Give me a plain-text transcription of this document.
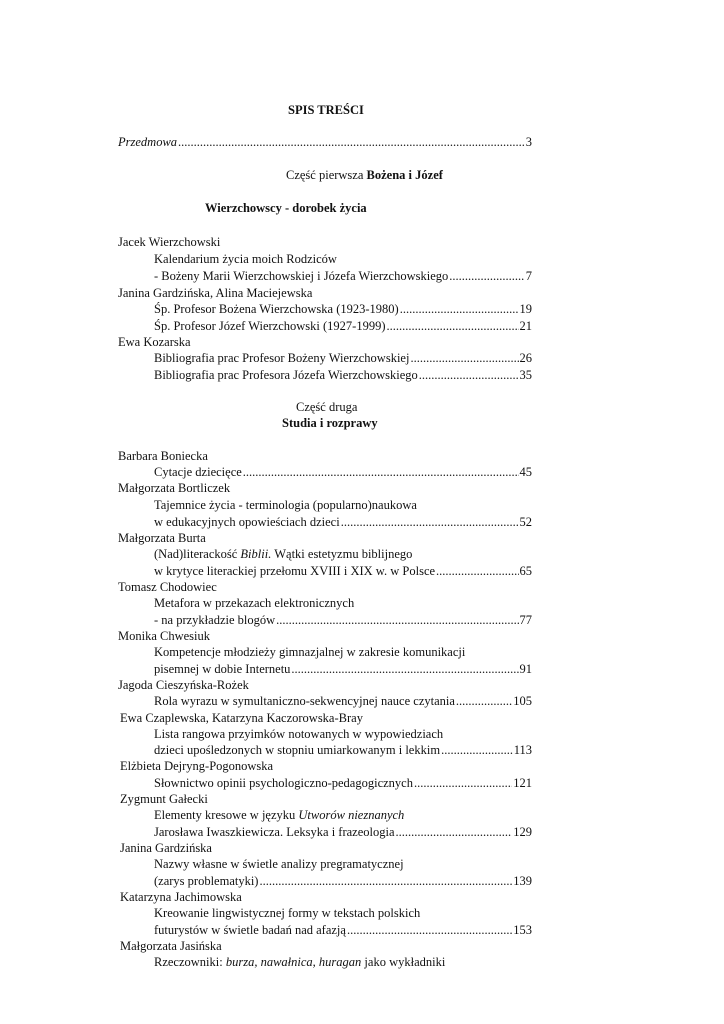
SPIS TREŚCI
Przedmowa .....	3
Część pierwsza Bożena i Józef
Wierzchowscy - dorobek życia
Jacek Wierzchowski
Kalendarium życia moich Rodziców
- Bożeny Marii Wierzchowskiej i Józefa Wierzchowskiego .....	7
Janina Gardzińska, Alina Maciejewska
Śp. Profesor Bożena Wierzchowska (1923-1980) .....	19
Śp. Profesor Józef Wierzchowski (1927-1999) .....	21
Ewa Kozarska
Bibliografia prac Profesor Bożeny Wierzchowskiej .....	26
Bibliografia prac Profesora Józefa Wierzchowskiego .....	35
Część druga
Studia i rozprawy
Barbara Boniecka
Cytacje dziecięce .....	45
Małgorzata Bortliczek
Tajemnice życia - terminologia (popularno)naukowa
w edukacyjnych opowieściach dzieci .....	52
Małgorzata Burta
(Nad)literackość Biblii. Wątki estetyzmu biblijnego
w krytyce literackiej przełomu XVIII i XIX w. w Polsce .....	65
Tomasz Chodowiec
Metafora w przekazach elektronicznych
- na przykładzie blogów .....	77
Monika Chwesiuk
Kompetencje młodzieży gimnazjalnej w zakresie komunikacji
pisemnej w dobie Internetu .....	91
Jagoda Cieszyńska-Rożek
Rola wyrazu w symultaniczno-sekwencyjnej nauce czytania .....	105
Ewa Czaplewska, Katarzyna Kaczorowska-Bray
Lista rangowa przyimków notowanych w wypowiedziach
dzieci upośledzonych w stopniu umiarkowanym i lekkim .....	113
Elżbieta Dejryng-Pogonowska
Słownictwo opinii psychologiczno-pedagogicznych .....	121
Zygmunt Gałecki
Elementy kresowe w języku Utworów nieznanych
Jarosława Iwaszkiewicza. Leksyka i frazeologia .....	129
Janina Gardzińska
Nazwy własne w świetle analizy pregramatycznej
(zarys problematyki) .....	139
Katarzyna Jachimowska
Kreowanie lingwistycznej formy w tekstach polskich
futurystów w świetle badań nad afazją .....	153
Małgorzata Jasińska
Rzeczowniki: burza, nawałnica, huragan jako wykładniki
